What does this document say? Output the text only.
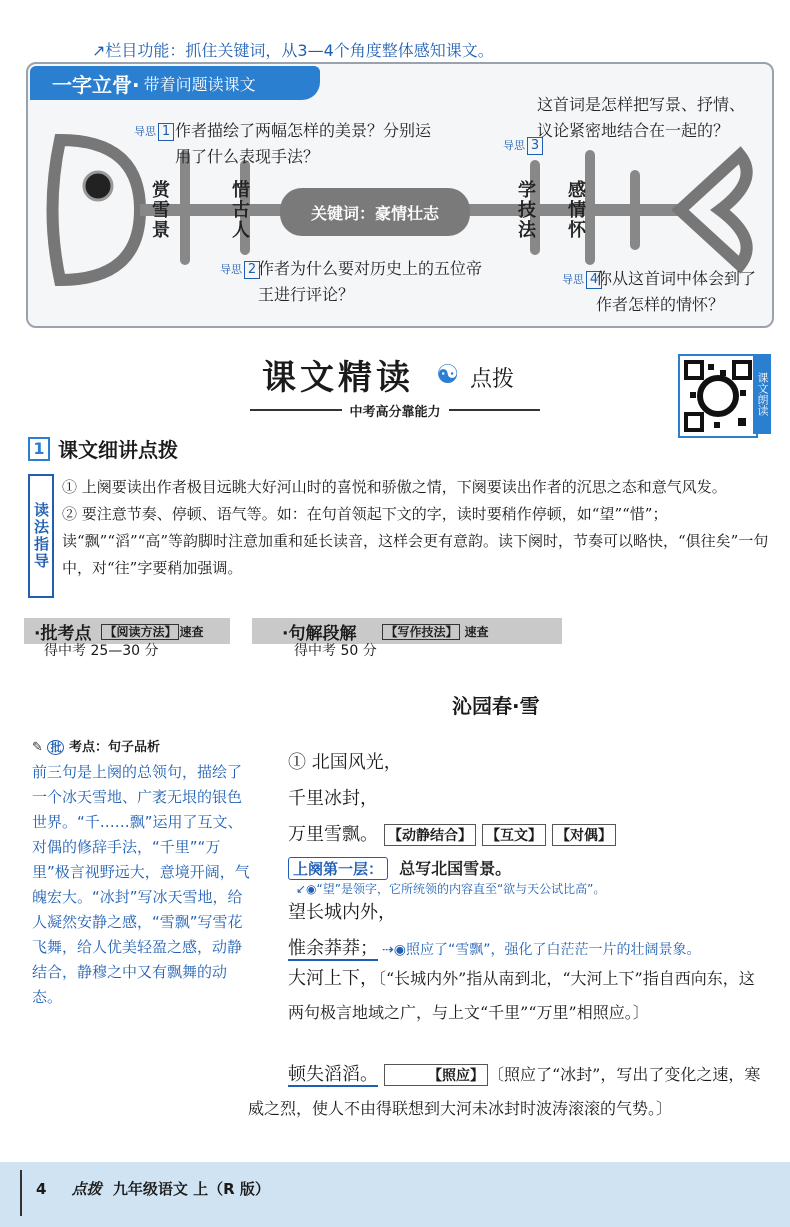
↗栏目功能：抓住关键词，从3—4个角度整体感知课文。
一字立骨· 带着问题读课文
导思 1 作者描绘了两幅怎样的美景？分别运用了什么表现手法？
导思 2 作者为什么要对历史上的五位帝王进行评论？
导思 3
这首词是怎样把写景、抒情、议论紧密地结合在一起的？
导思 4
你从这首词中体会到了作者怎样的情怀？
赏雪景	惜古人	学技法 感情怀
关键词：豪情壮志
课文精读 ☯ 点拨
中考高分靠能力	课文朗读
1 课文细讲点拨
读法指导
① 上阕要读出作者极目远眺大好河山时的喜悦和骄傲之情，下阕要读出作者的沉思之态和意气风发。
② 要注意节奏、停顿、语气等。如：在句首领起下文的字，读时要稍作停顿，如“望”“惜”；读“飘”“滔”“高”等韵脚时注意加重和延长读音，这样会更有意韵。读下阕时，节奏可以略快，“俱往矣”一句中，对“往”字要稍加强调。
·批考点 【阅读方法】 速查
得中考 25—30 分
·句解段解 【写作技法】 速查
得中考 50 分
沁园春·雪
✎ 批 考点：句子品析
前三句是上阕的总领句，描绘了一个冰天雪地、广袤无垠的银色世界。“千……飘”运用了互文、对偶的修辞手法，“千里”“万里”极言视野远大，意境开阔，气魄宏大。“冰封”写冰天雪地，给人凝然安静之感，“雪飘”写雪花飞舞，给人优美轻盈之感，动静结合，静穆之中又有飘舞的动态。
① 北国风光，
千里冰封，
万里雪飘。 【动静结合】 【互文】 【对偶】
上阕第一层： 总写北国雪景。
↙◉“望”是领字，它所统领的内容直至“欲与天公试比高”。
望长城内外，
惟余莽莽； ⇢◉照应了“雪飘”，强化了白茫茫一片的壮阔景象。
大河上下，〔“长城内外”指从南到北，“大河上下”指自西向东，这两句极言地域之广，与上文“千里”“万里”相照应。〕
顿失滔滔。	【照应】 〔照应了“冰封”，写出了变化之速，寒威之烈，使人不由得联想到大河未冰封时波涛滚滚的气势。〕
4 点拨 九年级语文 上（R 版）
